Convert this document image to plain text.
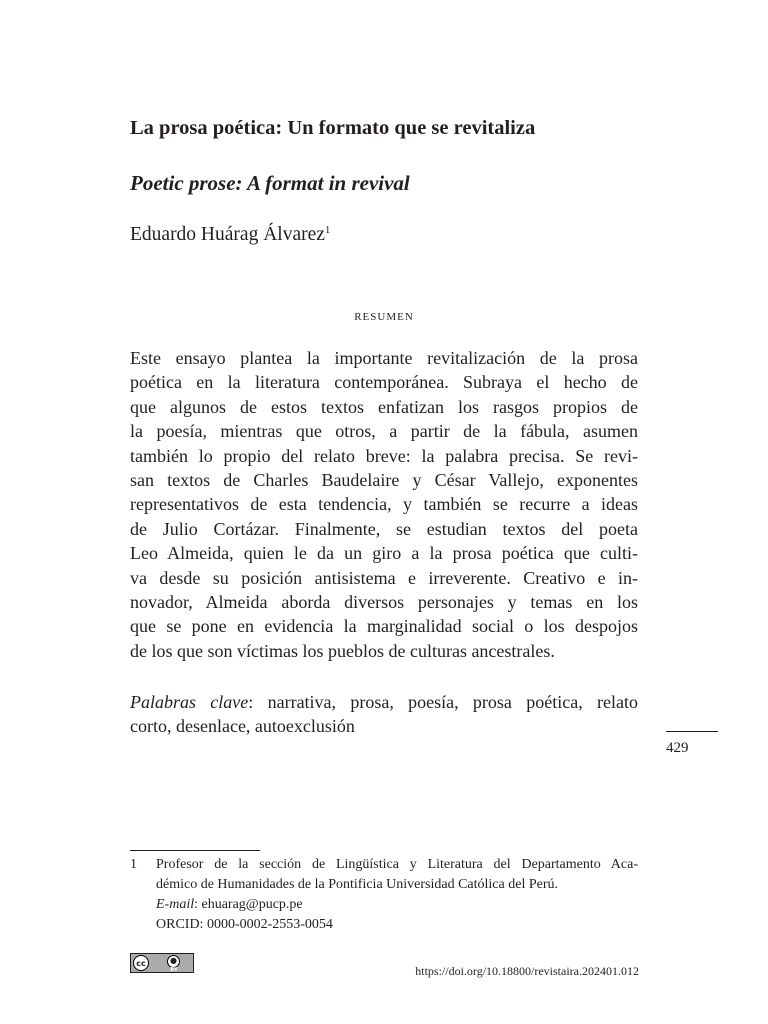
La prosa poética: Un formato que se revitaliza
Poetic prose: A format in revival

Eduardo Huárag Álvarez$^1$

resumen

Este ensayo plantea la importante revitalización de la prosa
poética en la literatura contemporánea. Subraya el hecho de
que algunos de estos textos enfatizan los rasgos propios de
la poesía, mientras que otros, a partir de la fábula, asumen
también lo propio del relato breve: la palabra precisa. Se revi-
san textos de Charles Baudelaire y César Vallejo, exponentes
representativos de esta tendencia, y también se recurre a ideas
de Julio Cortázar. Finalmente, se estudian textos del poeta
Leo Almeida, quien le da un giro a la prosa poética que culti-
va desde su posición antisistema e irreverente. Creativo e in-
novador, Almeida aborda diversos personajes y temas en los
que se pone en evidencia la marginalidad social o los despojos
de los que son víctimas los pueblos de culturas ancestrales.

Palabras clave: narrativa, prosa, poesía, prosa poética, relato
corto, desenlace, autoexclusión
429
1 Profesor de la sección de Lingüística y Literatura del Departamento Aca-
démico de Humanidades de la Pontificia Universidad Católica del Perú.
E-mail: ehuarag@pucp.pe
ORCID: 0000-0002-2553-0054
cc	●
BY	https://doi.org/10.18800/revistaira.202401.012
